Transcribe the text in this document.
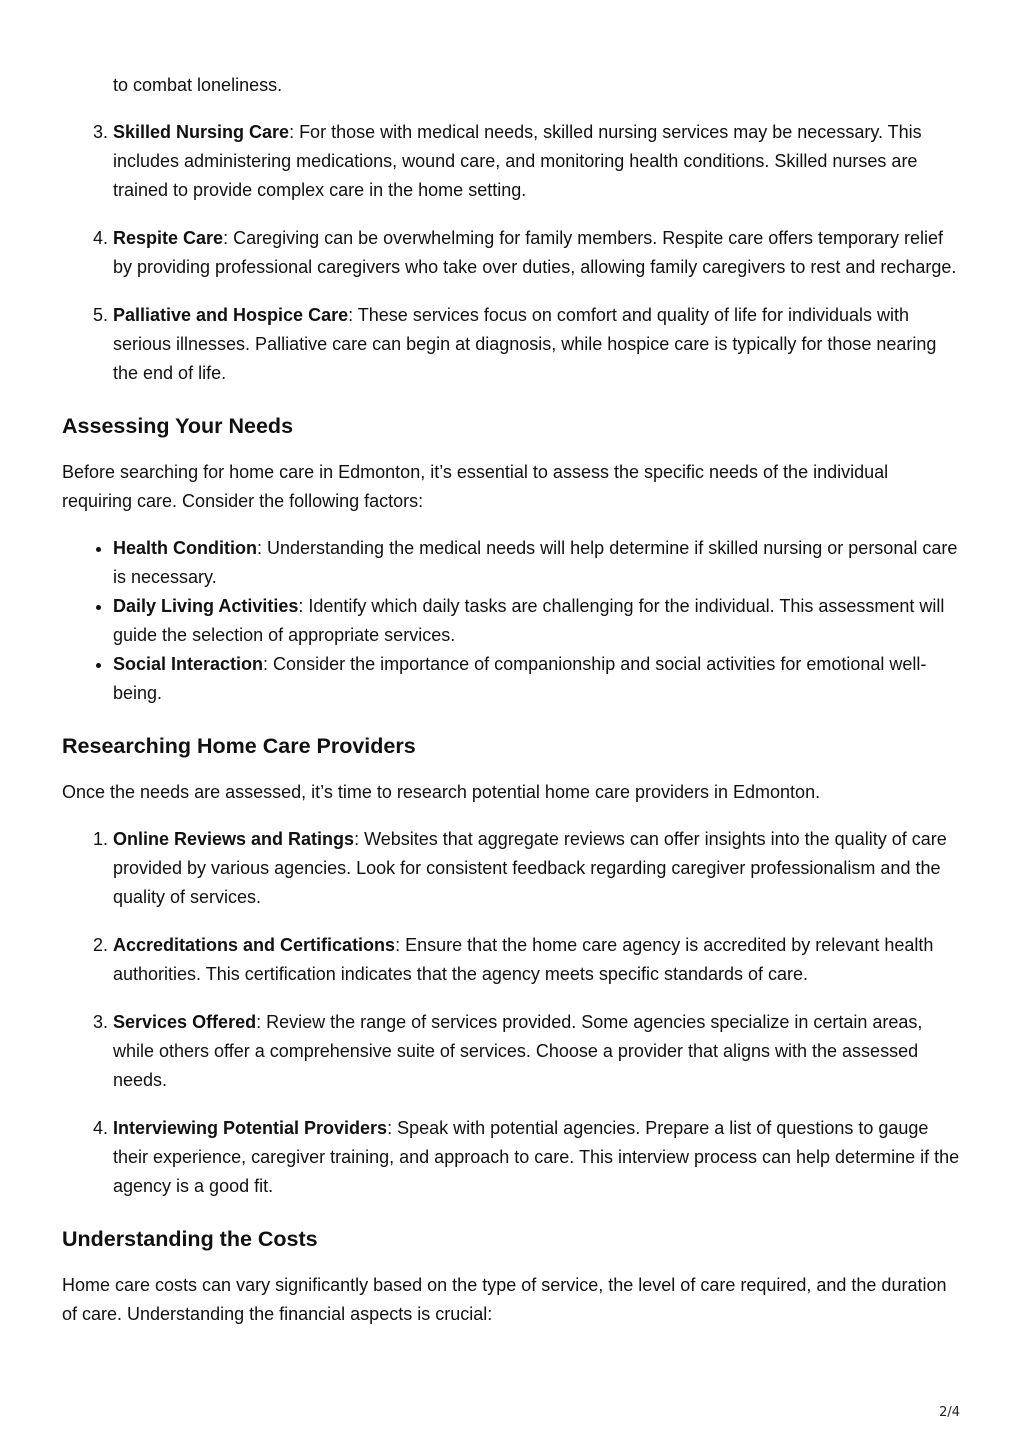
to combat loneliness.

3. Skilled Nursing Care: For those with medical needs, skilled nursing services may be necessary. This includes administering medications, wound care, and monitoring health conditions. Skilled nurses are trained to provide complex care in the home setting.
4. Respite Care: Caregiving can be overwhelming for family members. Respite care offers temporary relief by providing professional caregivers who take over duties, allowing family caregivers to rest and recharge.
5. Palliative and Hospice Care: These services focus on comfort and quality of life for individuals with serious illnesses. Palliative care can begin at diagnosis, while hospice care is typically for those nearing the end of life.
Assessing Your Needs

Before searching for home care in Edmonton, it’s essential to assess the specific needs of the individual requiring care. Consider the following factors:

• Health Condition: Understanding the medical needs will help determine if skilled nursing or personal care is necessary.
• Daily Living Activities: Identify which daily tasks are challenging for the individual. This assessment will guide the selection of appropriate services.
• Social Interaction: Consider the importance of companionship and social activities for emotional well-being.
Researching Home Care Providers

Once the needs are assessed, it’s time to research potential home care providers in Edmonton.

1. Online Reviews and Ratings: Websites that aggregate reviews can offer insights into the quality of care provided by various agencies. Look for consistent feedback regarding caregiver professionalism and the quality of services.
2. Accreditations and Certifications: Ensure that the home care agency is accredited by relevant health authorities. This certification indicates that the agency meets specific standards of care.
3. Services Offered: Review the range of services provided. Some agencies specialize in certain areas, while others offer a comprehensive suite of services. Choose a provider that aligns with the assessed needs.
4. Interviewing Potential Providers: Speak with potential agencies. Prepare a list of questions to gauge their experience, caregiver training, and approach to care. This interview process can help determine if the agency is a good fit.
Understanding the Costs

Home care costs can vary significantly based on the type of service, the level of care required, and the duration of care. Understanding the financial aspects is crucial:

2/4
